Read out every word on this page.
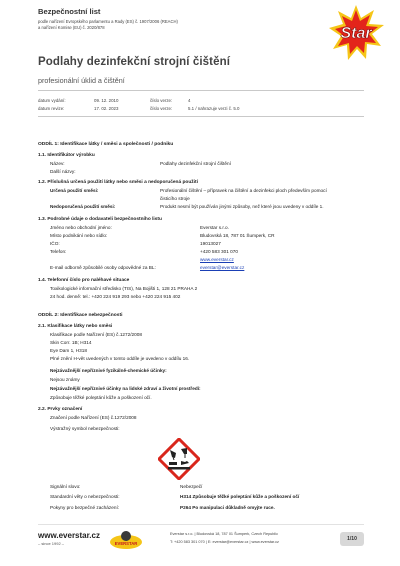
Bezpečnostní list
podle nařízení Evropského parlamentu a Rady (ES) č. 1907/2006 (REACH)
a nařízení Komise (EU) č. 2020/878	Star
Podlahy dezinfekční strojní čištění
profesionální úklid a čištění
datum vydání:	09. 12. 2010	číslo verze:	4
datum revize:	17. 02. 2023	číslo verze:	5.1 / nahrazuje verzi č. 5.0
ODDÍL 1: Identifikace látky / směsi a společnosti / podniku
1.1. Identifikátor výrobku
Název:	Podlahy dezinfekční strojní čištění
Další názvy:
1.2. Příslušná určená použití látky nebo směsi a nedoporučená použití
Určená použití směsi:	Profesionální čištění – přípravek na čištění a dezinfekci ploch především pomocí
čisticího stroje
Nedoporučená použití směsi:	Produkt nesmí být používán jinými způsoby, než které jsou uvedeny v oddíle 1.
1.3. Podrobné údaje o dodavateli bezpečnostního listu
Jméno nebo obchodní jméno:	Everstar s.r.o.
Místo podnikání nebo sídlo:	Bludovská 18, 787 01 Šumperk, CR
IČO:	19013027
Telefon:	+420 583 301 070
www.everstar.cz
E-mail odborně způsobilé osoby odpovědné za BL:	everstar@everstar.cz
1.4. Telefonní číslo pro naléhavé situace
Toxikologické informační středisko (TIS), Na Bojišti 1, 128 21 PRAHA 2
24 hod. denně: tel.: +420 224 919 293 nebo +420 224 915 402
ODDÍL 2: Identifikace nebezpečnosti
2.1. Klasifikace látky nebo směsi
Klasifikace podle Nařízení (ES) č.1272/2008
Skin Corr. 1B; H314
Eye Dam 1, H318
Plné znění H-vět uvedených v tomto oddíle je uvedeno v oddílu 16.
Nejzávažnější nepříznivé fyzikálně-chemické účinky:
Nejsou známy
Nejzávažnější nepříznivé účinky na lidské zdraví a životní prostředí:
Způsobuje těžké poleptání kůže a poškození očí.
2.2. Prvky označení
Značení podle Nařízení (ES) č.1272/2008
Výstražný symbol nebezpečnosti:
Signální slovo:	Nebezpečí
Standardní věty o nebezpečnosti:	H314 Způsobuje těžké poleptání kůže a poškození očí
Pokyny pro bezpečné zacházení:	P264 Po manipulaci důkladně omyjte ruce.
www.everstar.cz
– since 1992 –	EVERSTAR
Everstar s.r.o. | Bludovská 18, 787 01 Šumperk, Czech Republic
T: +420 583 301 070 | E: everstar@everstar.cz | www.everstar.cz	1/10
